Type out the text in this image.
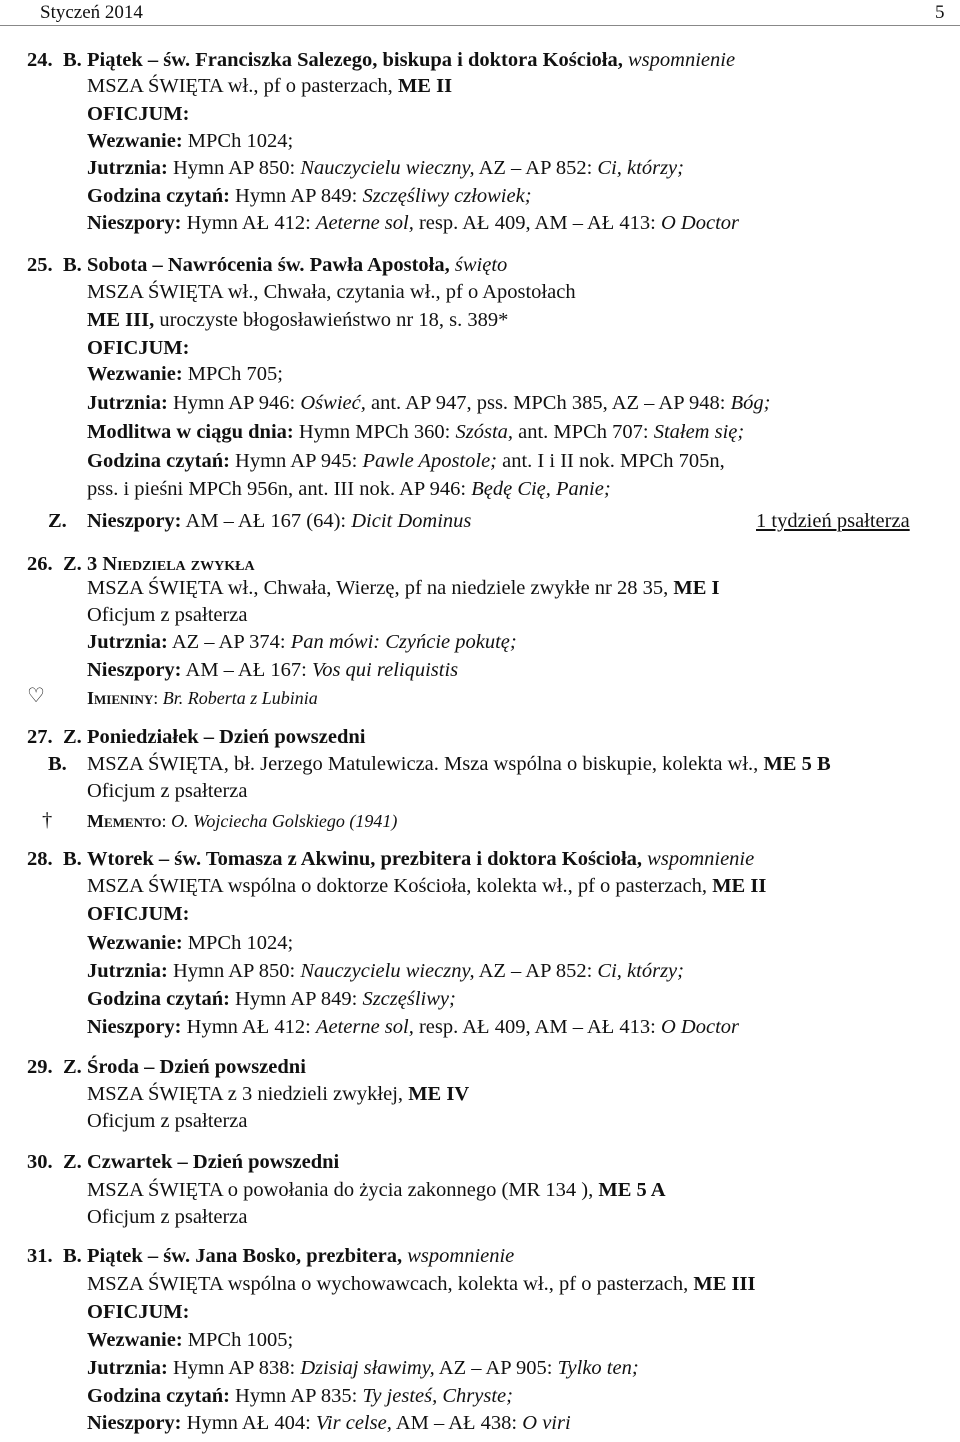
Styczeń 2014	5
24. B. Piątek – św. Franciszka Salezego, biskupa i doktora Kościoła, wspomnienie
MSZA ŚWIĘTA wł., pf o pasterzach, ME II
OFICJUM:
Wezwanie: MPCh 1024;
Jutrznia: Hymn AP 850: Nauczycielu wieczny, AZ – AP 852: Ci, którzy;
Godzina czytań: Hymn AP 849: Szczęśliwy człowiek;
Nieszpory: Hymn AŁ 412: Aeterne sol, resp. AŁ 409, AM – AŁ 413: O Doctor
25. B. Sobota – Nawrócenia św. Pawła Apostoła, święto
MSZA ŚWIĘTA wł., Chwała, czytania wł., pf o Apostołach
ME III, uroczyste błogosławieństwo nr 18, s. 389*
OFICJUM:
Wezwanie: MPCh 705;
Jutrznia: Hymn AP 946: Oświeć, ant. AP 947, pss. MPCh 385, AZ – AP 948: Bóg;
Modlitwa w ciągu dnia: Hymn MPCh 360: Szósta, ant. MPCh 707: Stałem się;
Godzina czytań: Hymn AP 945: Pawle Apostole; ant. I i II nok. MPCh 705n,
pss. i pieśni MPCh 956n, ant. III nok. AP 946: Będę Cię, Panie;
Z. Nieszpory: AM – AŁ 167 (64): Dicit Dominus	1 tydzień psałterza
26. Z. 3 Niedziela zwykła
MSZA ŚWIĘTA wł., Chwała, Wierzę, pf na niedziele zwykłe nr 28 35, ME I
Oficjum z psałterza
Jutrznia: AZ – AP 374: Pan mówi: Czyńcie pokutę;
Nieszpory: AM – AŁ 167: Vos qui reliquistis
♡ Imieniny: Br. Roberta z Lubinia
27. Z. Poniedziałek – Dzień powszedni
B. MSZA ŚWIĘTA, bł. Jerzego Matulewicza. Msza wspólna o biskupie, kolekta wł., ME 5 B
Oficjum z psałterza
† Memento: O. Wojciecha Golskiego (1941)
28. B. Wtorek – św. Tomasza z Akwinu, prezbitera i doktora Kościoła, wspomnienie
MSZA ŚWIĘTA wspólna o doktorze Kościoła, kolekta wł., pf o pasterzach, ME II
OFICJUM:
Wezwanie: MPCh 1024;
Jutrznia: Hymn AP 850: Nauczycielu wieczny, AZ – AP 852: Ci, którzy;
Godzina czytań: Hymn AP 849: Szczęśliwy;
Nieszpory: Hymn AŁ 412: Aeterne sol, resp. AŁ 409, AM – AŁ 413: O Doctor
29. Z. Środa – Dzień powszedni
MSZA ŚWIĘTA z 3 niedzieli zwykłej, ME IV
Oficjum z psałterza
30. Z. Czwartek – Dzień powszedni
MSZA ŚWIĘTA o powołania do życia zakonnego (MR 134 ), ME 5 A
Oficjum z psałterza
31. B. Piątek – św. Jana Bosko, prezbitera, wspomnienie
MSZA ŚWIĘTA wspólna o wychowawcach, kolekta wł., pf o pasterzach, ME III
OFICJUM:
Wezwanie: MPCh 1005;
Jutrznia: Hymn AP 838: Dzisiaj sławimy, AZ – AP 905: Tylko ten;
Godzina czytań: Hymn AP 835: Ty jesteś, Chryste;
Nieszpory: Hymn AŁ 404: Vir celse, AM – AŁ 438: O viri
